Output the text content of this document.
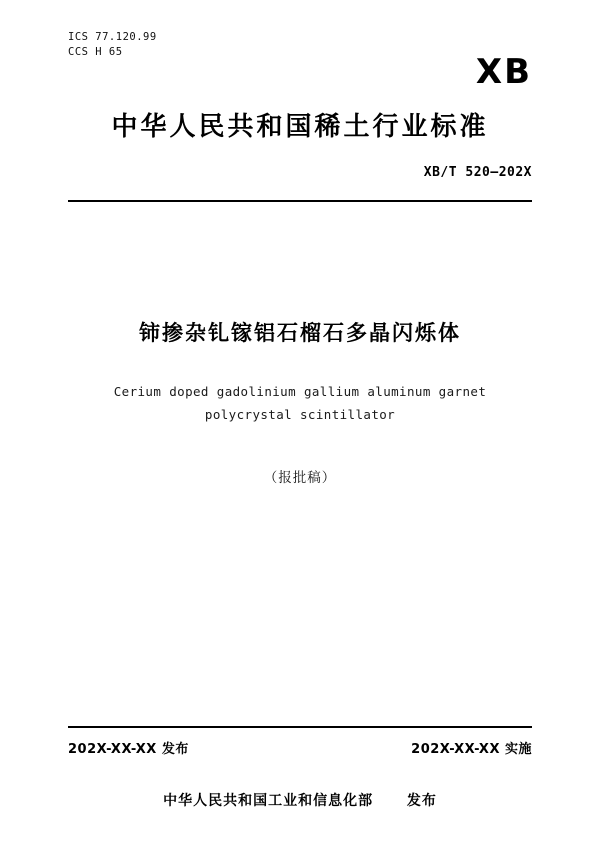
ICS 77.120.99
CCS H 65	XB
中华人民共和国稀土行业标准
XB/T 520—202X
铈掺杂钆镓铝石榴石多晶闪烁体
Cerium doped gadolinium gallium aluminum garnet
polycrystal scintillator
（报批稿）
202X-XX-XX 发布	202X-XX-XX 实施
中华人民共和国工业和信息化部 发布
